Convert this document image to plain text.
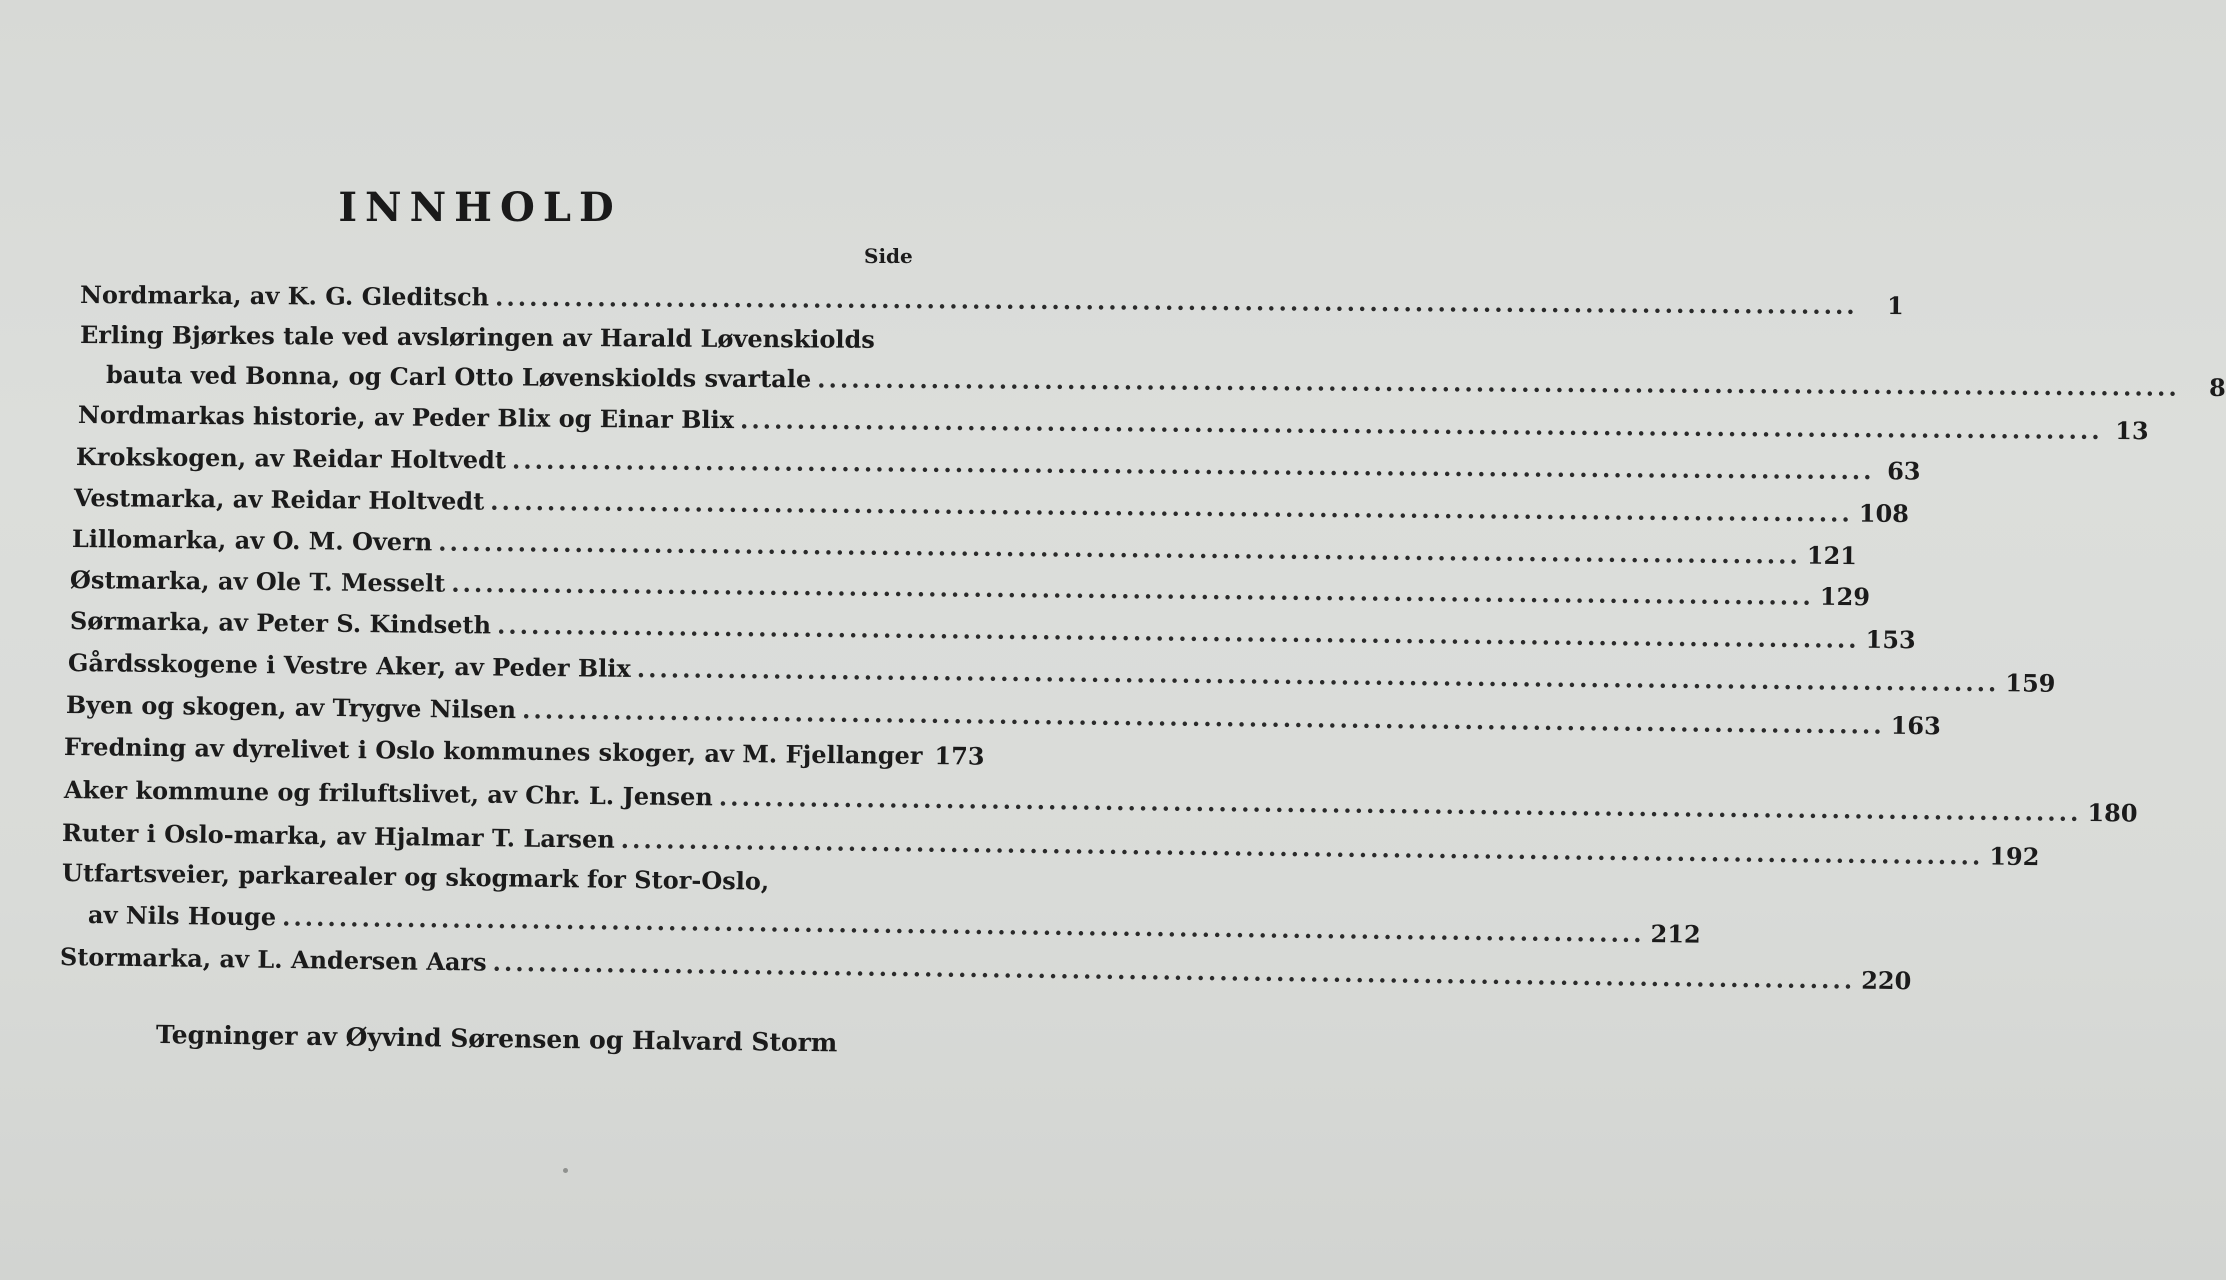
INNHOLD
Side
Nordmarka, av K. G. Gleditsch ........................................................................................................................	1
Erling Bjørkes tale ved avsløringen av Harald Løvenskiolds
bauta ved Bonna, og Carl Otto Løvenskiolds svartale ........................................................................................................................	8
Nordmarkas historie, av Peder Blix og Einar Blix ........................................................................................................................ 13
Krokskogen, av Reidar Holtvedt ........................................................................................................................ 63
Vestmarka, av Reidar Holtvedt ........................................................................................................................ 108
Lillomarka, av O. M. Overn ........................................................................................................................ 121
Østmarka, av Ole T. Messelt ........................................................................................................................ 129
Sørmarka, av Peter S. Kindseth ........................................................................................................................ 153
Gårdsskogene i Vestre Aker, av Peder Blix ........................................................................................................................ 159
Byen og skogen, av Trygve Nilsen ........................................................................................................................ 163
Fredning av dyrelivet i Oslo kommunes skoger, av M. Fjellanger 173
Aker kommune og friluftslivet, av Chr. L. Jensen ........................................................................................................................ 180
Ruter i Oslo-marka, av Hjalmar T. Larsen ........................................................................................................................ 192
Utfartsveier, parkarealer og skogmark for Stor-Oslo,
av Nils Houge ........................................................................................................................ 212
Stormarka, av L. Andersen Aars ........................................................................................................................ 220
Tegninger av Øyvind Sørensen og Halvard Storm
